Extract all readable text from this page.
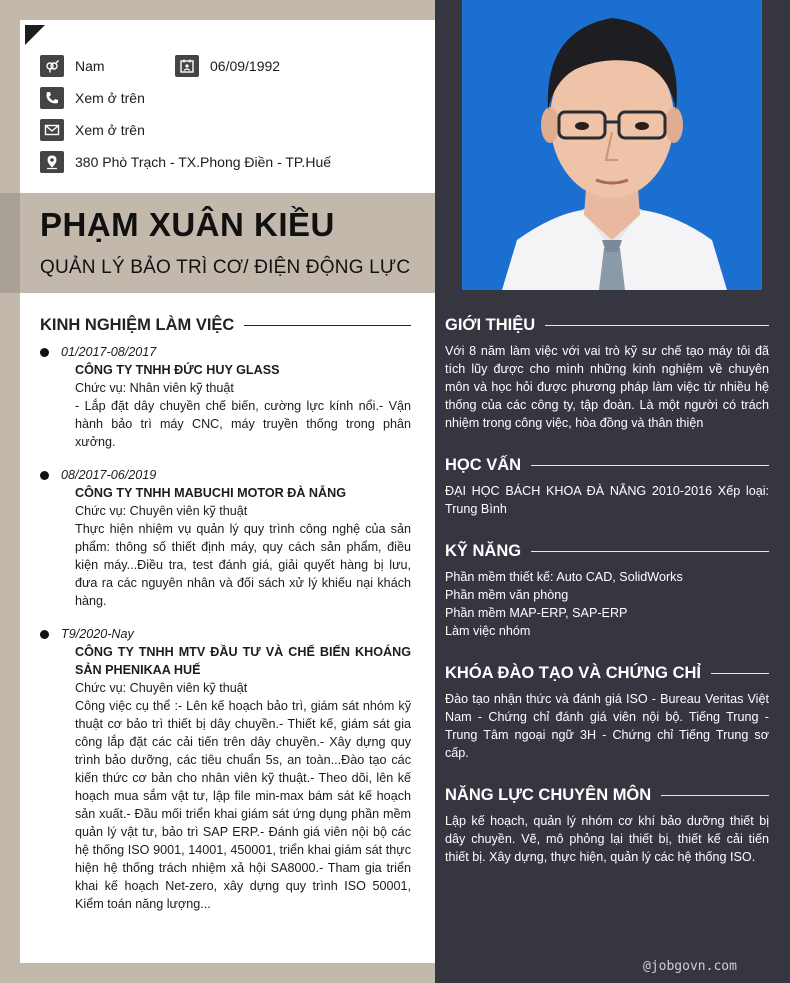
Nam	06/09/1992
Xem ở trên
Xem ở trên
380 Phò Trạch - TX.Phong Điền - TP.Huế
PHẠM XUÂN KIỀU
QUẢN LÝ BẢO TRÌ CƠ/ ĐIỆN ĐỘNG LỰC
KINH NGHIỆM LÀM VIỆC
01/2017-08/2017
CÔNG TY TNHH ĐỨC HUY GLASS
Chức vụ: Nhân viên kỹ thuật
- Lắp đặt dây chuyền chế biến, cường lực kính nổi.- Vận hành bảo trì máy CNC, máy truyền thống trong phân xưởng.
08/2017-06/2019
CÔNG TY TNHH MABUCHI MOTOR ĐÀ NẴNG
Chức vụ: Chuyên viên kỹ thuật
Thực hiện nhiệm vụ quản lý quy trình công nghệ của sản phẩm: thông số thiết định máy, quy cách sản phẩm, điều kiện máy...Điều tra, test đánh giá, giải quyết hàng bị lưu, đưa ra các nguyên nhân và đối sách xử lý khiếu nại khách hàng.
T9/2020-Nay
CÔNG TY TNHH MTV ĐẦU TƯ VÀ CHẾ BIẾN KHOÁNG SẢN PHENIKAA HUẾ
Chức vụ: Chuyên viên kỹ thuật
Công việc cụ thể :- Lên kế hoạch bảo trì, giám sát nhóm kỹ thuật cơ bảo trì thiết bị dây chuyền.- Thiết kế, giám sát gia công lắp đặt các cải tiến trên dây chuyền.- Xây dựng quy trình bảo dưỡng, các tiêu chuẩn 5s, an toàn...Đào tạo các kiến thức cơ bản cho nhân viên kỹ thuật.- Theo dõi, lên kế hoạch mua sắm vật tư, lập file min-max bám sát kế hoạch sản xuất.- Đầu mối triển khai giám sát ứng dụng phần mềm quản lý vật tư, bảo trì SAP ERP.- Đánh giá viên nội bộ các hệ thống ISO 9001, 14001, 450001, triển khai giám sát thực hiện hệ thống trách nhiệm xả hội SA8000.- Tham gia triển khai kế hoạch Net-zero, xây dựng quy trình ISO 50001, Kiểm toán năng lượng...
GIỚI THIỆU
Với 8 năm làm việc với vai trò kỹ sư chế tạo máy tôi đã tích lũy được cho mình những kinh nghiệm về chuyên môn và học hỏi được phương pháp làm việc từ nhiều hệ thống của các công ty, tập đoàn. Là một người có trách nhiệm trong công việc, hòa đồng và thân thiện
HỌC VẤN
ĐẠI HỌC BÁCH KHOA ĐÀ NẴNG 2010-2016 Xếp loại: Trung Bình
KỸ NĂNG
Phần mềm thiết kế: Auto CAD, SolidWorks
Phần mềm văn phòng
Phần mềm MAP-ERP, SAP-ERP
Làm việc nhóm
KHÓA ĐÀO TẠO VÀ CHỨNG CHỈ
Đào tạo nhận thức và đánh giá ISO - Bureau Veritas Việt Nam - Chứng chỉ đánh giá viên nội bộ. Tiếng Trung - Trung Tâm ngoại ngữ 3H - Chứng chỉ Tiếng Trung sơ cấp.
NĂNG LỰC CHUYÊN MÔN
Lập kế hoạch, quản lý nhóm cơ khí bảo dưỡng thiết bị dây chuyền. Vẽ, mô phỏng lại thiết bị, thiết kế cải tiến thiết bị. Xây dựng, thực hiện, quản lý các hệ thống ISO.
@jobgovn.com
